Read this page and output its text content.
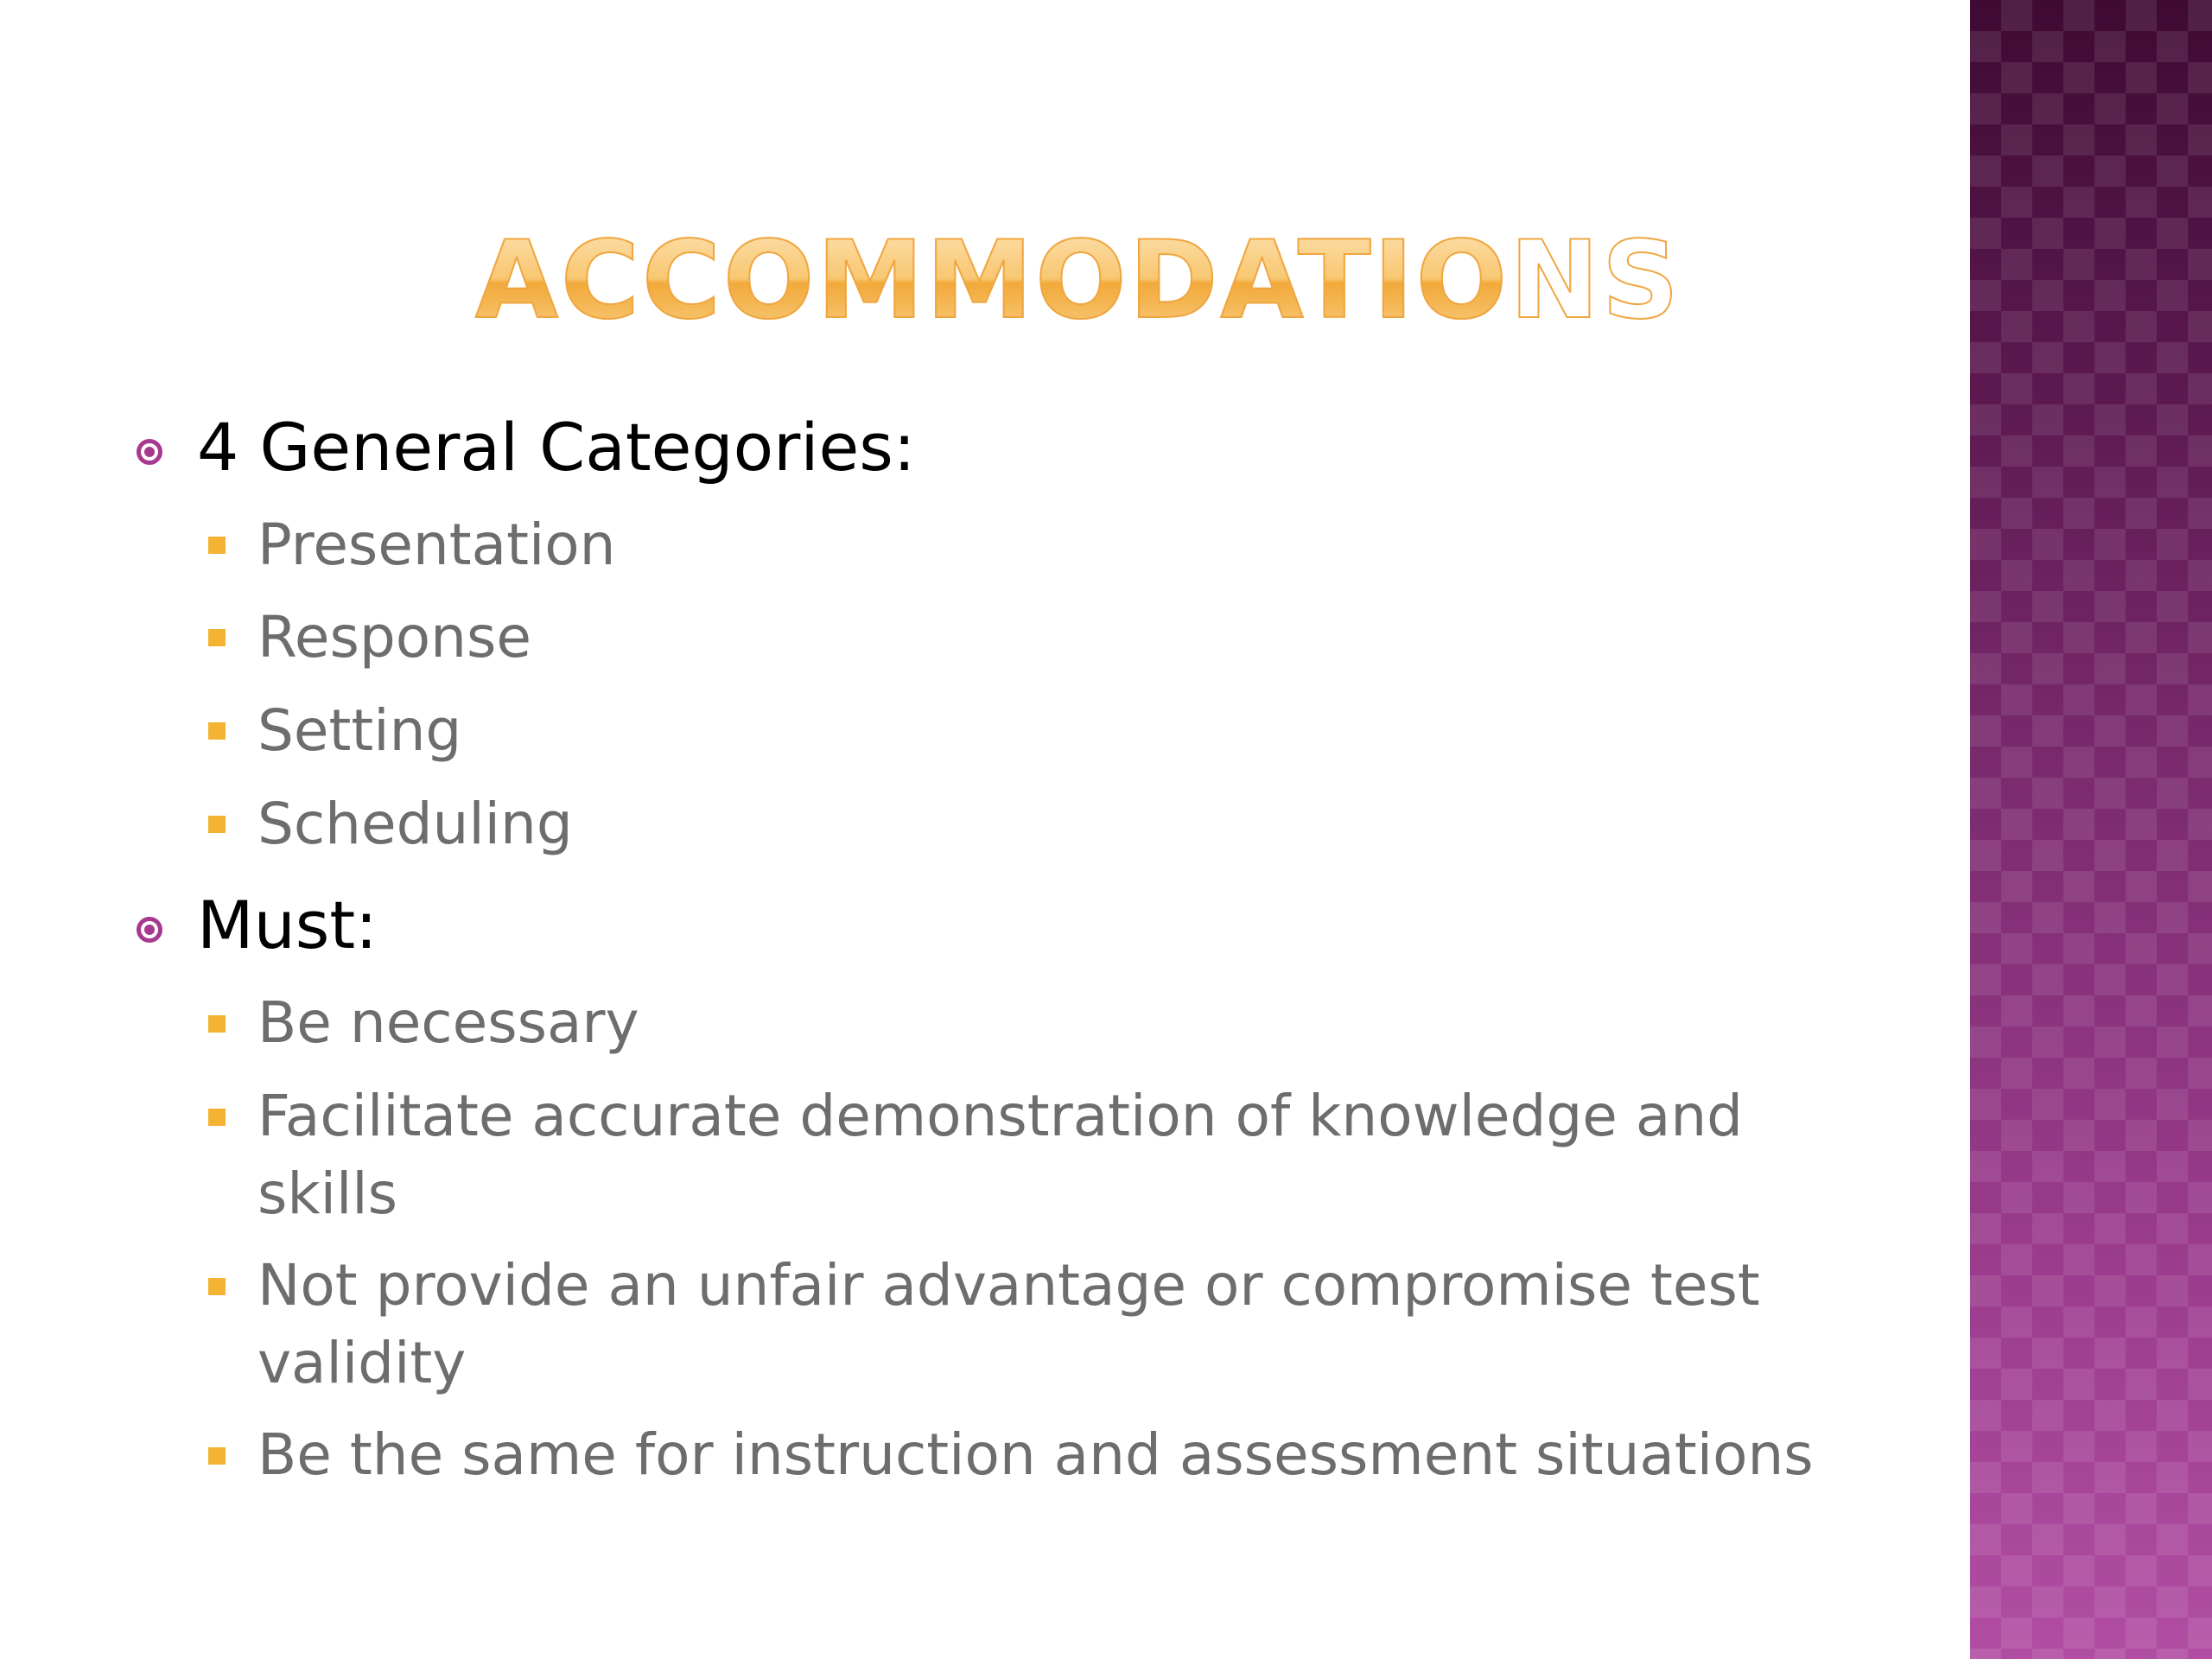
ACCOMMODATIONS
4 General Categories:
Presentation
Response
Setting
Scheduling
Must:
Be necessary
Facilitate accurate demonstration of knowledge and skills
Not provide an unfair advantage or compromise test validity
Be the same for instruction and assessment situations
